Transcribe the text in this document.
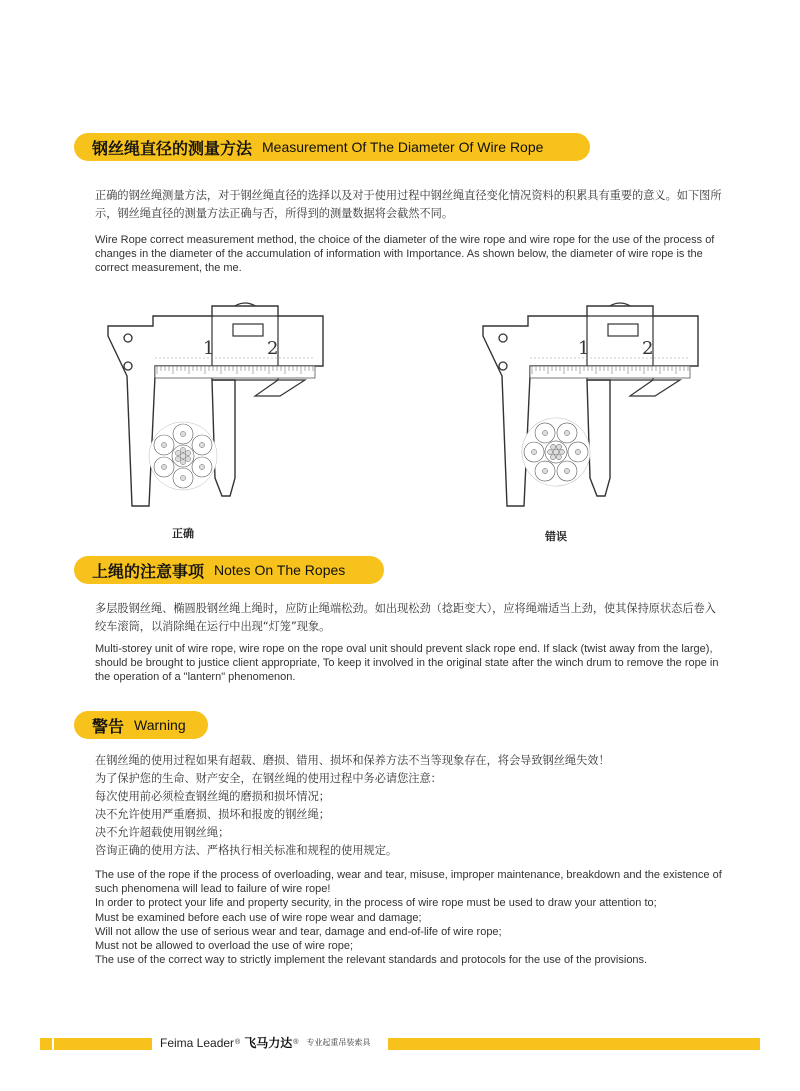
钢丝绳直径的测量方法 Measurement Of The Diameter Of Wire Rope

正确的钢丝绳测量方法，对于钢丝绳直径的选择以及对于使用过程中钢丝绳直径变化情况资料的积累具有重要的意义。如下图所示，钢丝绳直径的测量方法正确与否，所得到的测量数据将会截然不同。

Wire Rope correct measurement method, the choice of the diameter of the wire rope and wire rope for the use of the process of changes in the diameter of the accumulation of information with Importance. As shown below, the diameter of wire rope is the correct measurement, the me.

1	2
正确
1	2
错误
上绳的注意事项 Notes On The Ropes

多层股钢丝绳、椭圆股钢丝绳上绳时，应防止绳端松劲。如出现松劲（捻距变大），应将绳端适当上劲，使其保持原状态后卷入绞车滚筒，以消除绳在运行中出现“灯笼”现象。

Multi-storey unit of wire rope, wire rope on the rope oval unit should prevent slack rope end. If slack (twist away from the large), should be brought to justice client appropriate, To keep it involved in the original state after the winch drum to remove the rope in the operation of a "lantern" phenomenon.

警告 Warning
在钢丝绳的使用过程如果有超载、磨损、错用、损坏和保养方法不当等现象存在，将会导致钢丝绳失效！
为了保护您的生命、财产安全，在钢丝绳的使用过程中务必请您注意：
每次使用前必须检查钢丝绳的磨损和损坏情况；
决不允许使用严重磨损、损坏和报废的钢丝绳；
决不允许超载使用钢丝绳；
咨询正确的使用方法、严格执行相关标准和规程的使用规定。
The use of the rope if the process of overloading, wear and tear, misuse, improper maintenance, breakdown and the existence of such phenomena will lead to failure of wire rope!
In order to protect your life and property security, in the process of wire rope must be used to draw your attention to;
Must be examined before each use of wire rope wear and damage;
Will not allow the use of serious wear and tear, damage and end-of-life of wire rope;
Must not be allowed to overload the use of wire rope;
The use of the correct way to strictly implement the relevant standards and protocols for the use of the provisions.
Feima Leader ® 飞马力达 ® 专业起重吊装索具
